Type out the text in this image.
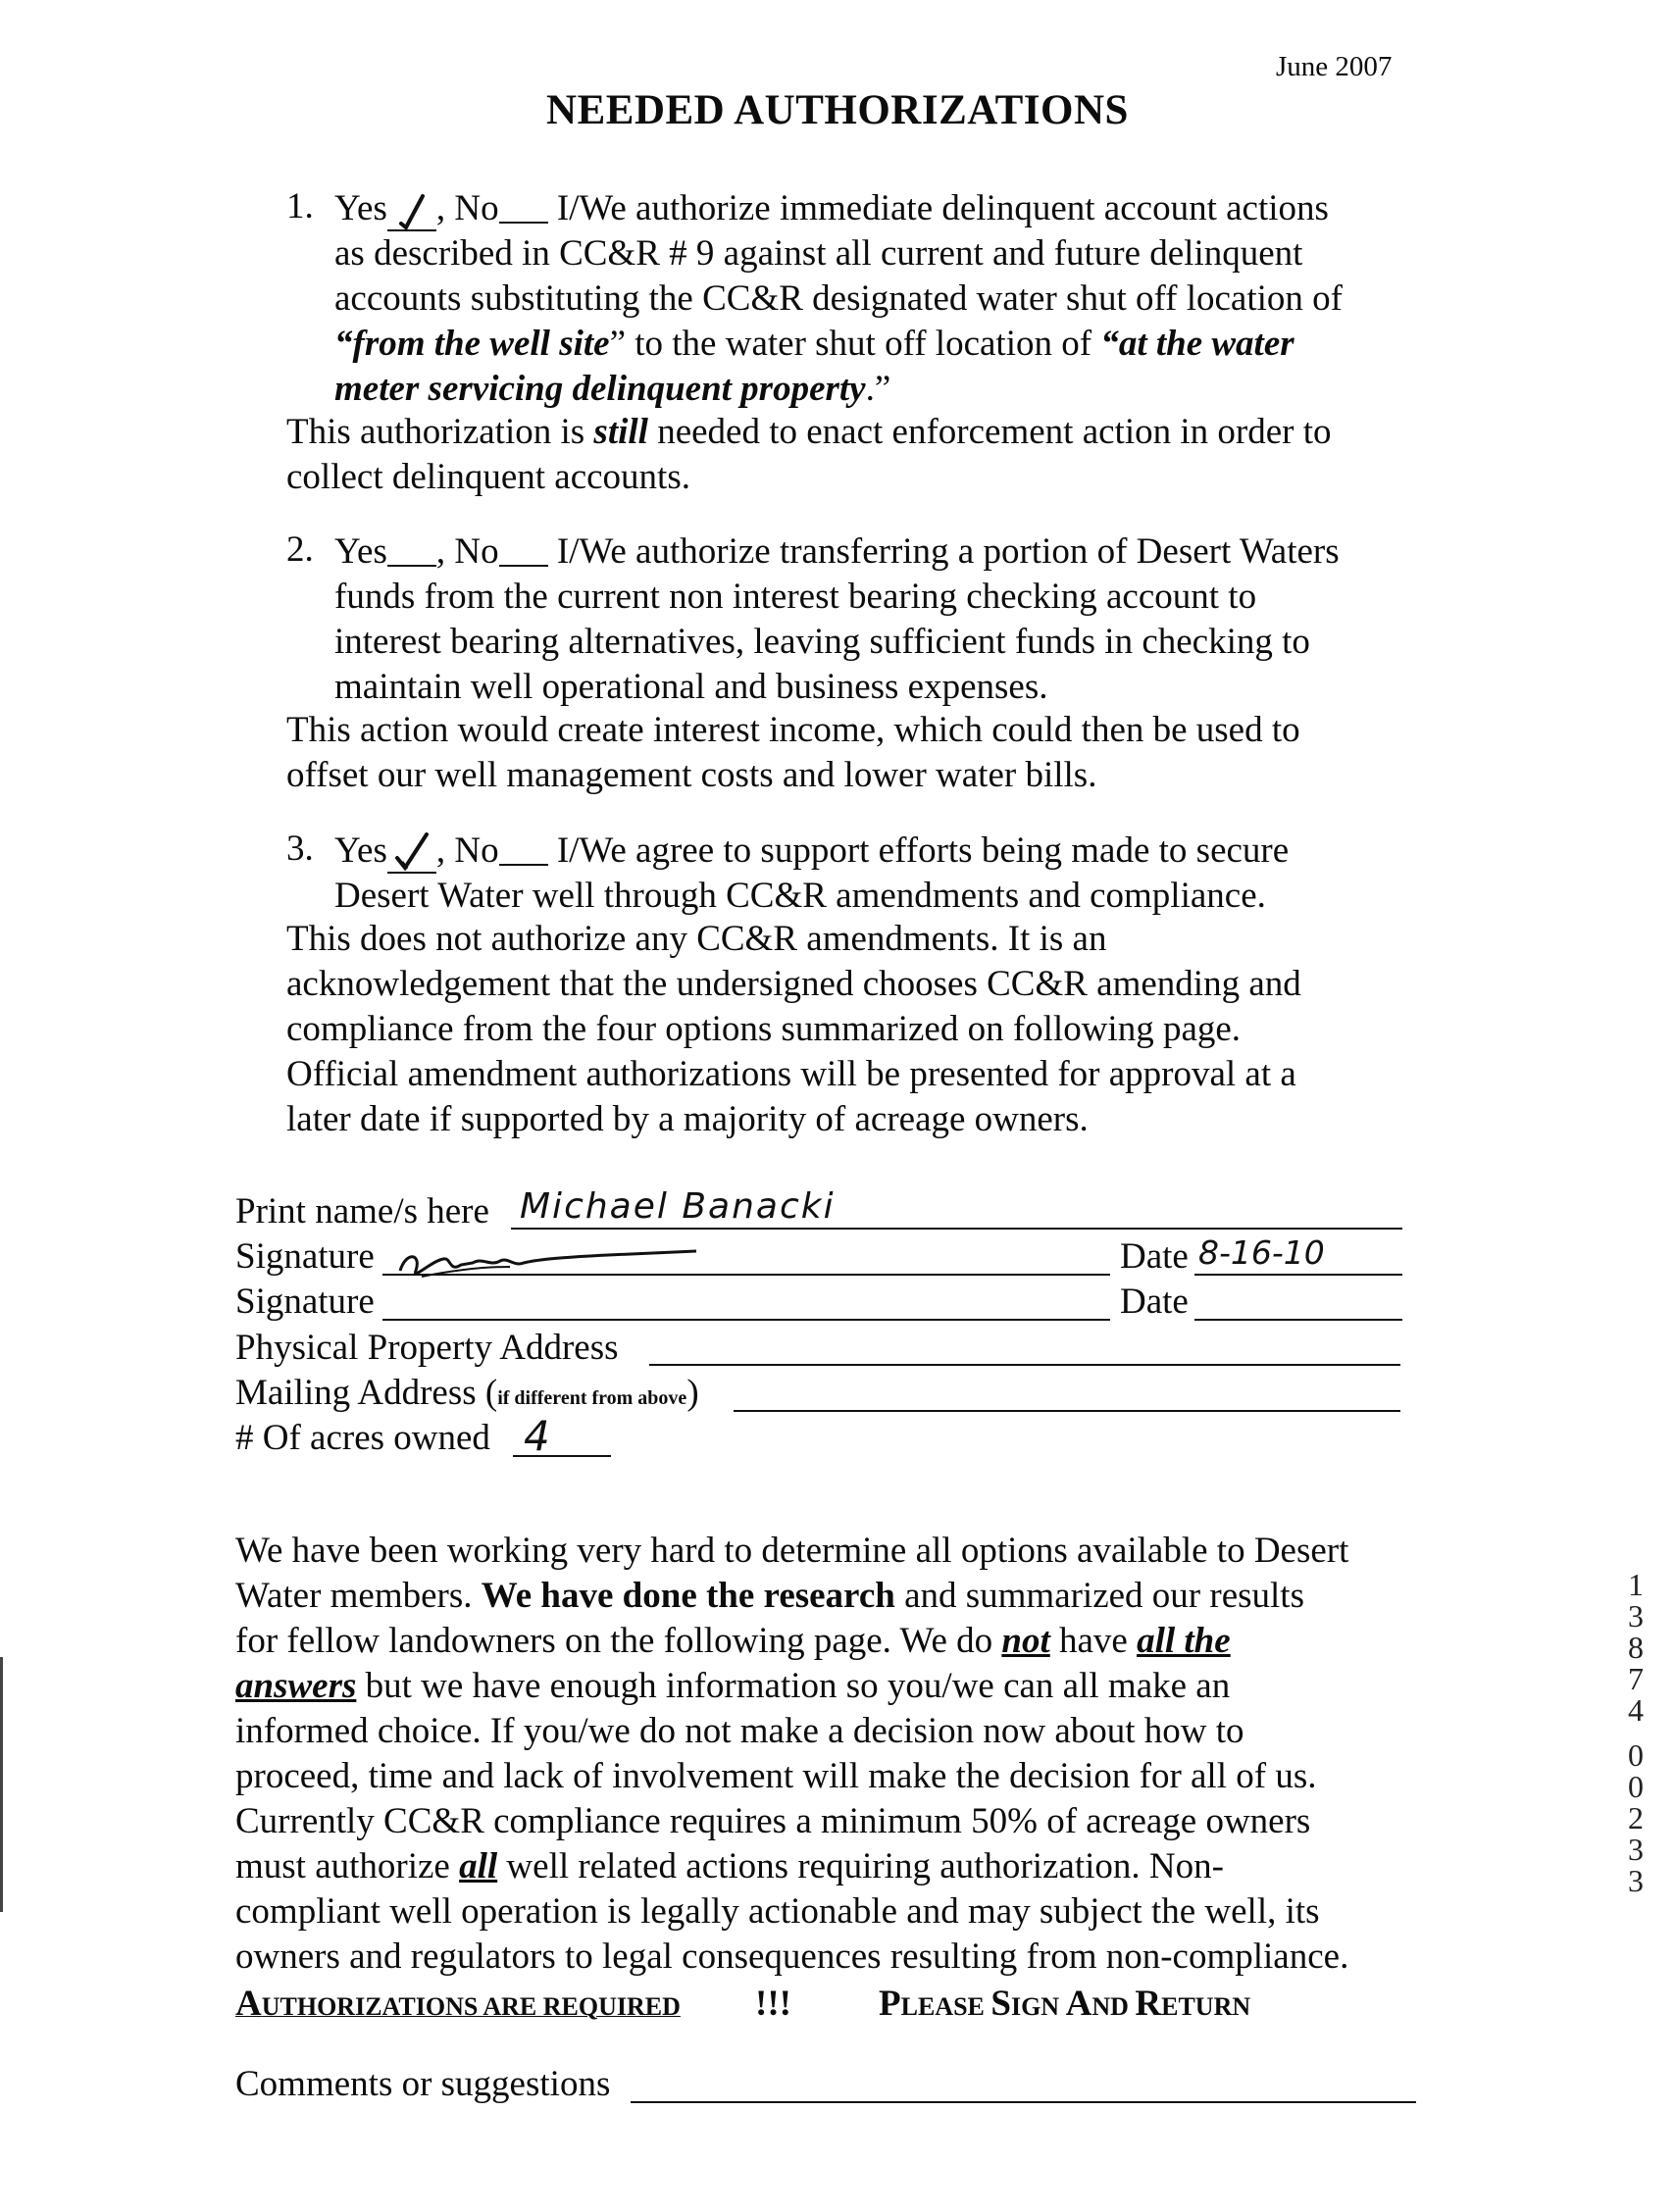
June 2007
NEEDED AUTHORIZATIONS
1. Yes , No I/We authorize immediate delinquent account actions
as described in CC&R # 9 against all current and future delinquent
accounts substituting the CC&R designated water shut off location of
“from the well site” to the water shut off location of “at the water
meter servicing delinquent property.”
This authorization is still needed to enact enforcement action in order to
collect delinquent accounts.
2. Yes , No I/We authorize transferring a portion of Desert Waters
funds from the current non interest bearing checking account to
interest bearing alternatives, leaving sufficient funds in checking to
maintain well operational and business expenses.
This action would create interest income, which could then be used to
offset our well management costs and lower water bills.
3. Yes , No I/We agree to support efforts being made to secure
Desert Water well through CC&R amendments and compliance.
This does not authorize any CC&R amendments. It is an
acknowledgement that the undersigned chooses CC&R amending and
compliance from the four options summarized on following page.
Official amendment authorizations will be presented for approval at a
later date if supported by a majority of acreage owners.
Print name/s here Michael Banacki
Signature	Date 8-16-10
Signature	Date
Physical Property Address
Mailing Address (if different from above)
# Of acres owned 4
We have been working very hard to determine all options available to Desert
Water members. We have done the research and summarized our results
for fellow landowners on the following page. We do not have all the
answers but we have enough information so you/we can all make an
informed choice. If you/we do not make a decision now about how to
proceed, time and lack of involvement will make the decision for all of us.
Currently CC&R compliance requires a minimum 50% of acreage owners
must authorize all well related actions requiring authorization. Non-
compliant well operation is legally actionable and may subject the well, its
owners and regulators to legal consequences resulting from non-compliance.
AUTHORIZATIONS ARE REQUIRED !!! PLEASE SIGN AND RETURN
Comments or suggestions
1
3
8
7
4
0
0
2
3
3
